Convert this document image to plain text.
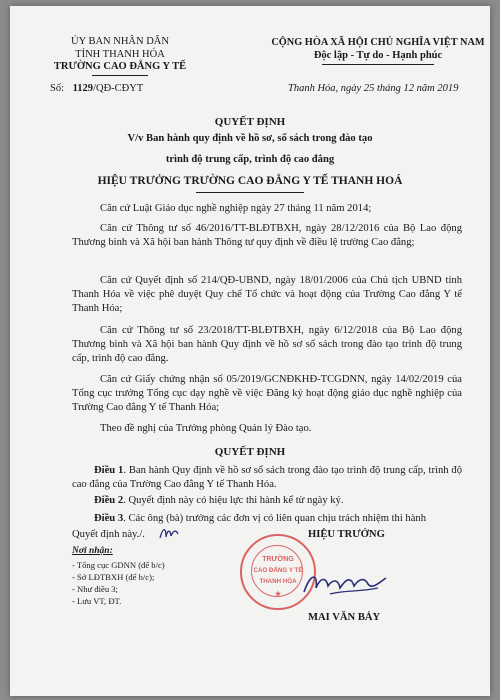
ỦY BAN NHÂN DÂN
TỈNH THANH HÓA
TRƯỜNG CAO ĐẲNG Y TẾ
CỘNG HÒA XÃ HỘI CHỦ NGHĨA VIỆT NAM
Độc lập - Tự do - Hạnh phúc
Số: 1129/QĐ-CĐYT	Thanh Hóa, ngày 25 tháng 12 năm 2019
QUYẾT ĐỊNH
V/v Ban hành quy định về hồ sơ, sổ sách trong đào tạo
trình độ trung cấp, trình độ cao đẳng
HIỆU TRƯỞNG TRƯỜNG CAO ĐẲNG Y TẾ THANH HOÁ
Căn cứ Luật Giáo dục nghề nghiệp ngày 27 tháng 11 năm 2014;
Căn cứ Thông tư số 46/2016/TT-BLĐTBXH, ngày 28/12/2016 của Bộ Lao động Thương binh và Xã hội ban hành Thông tư quy định về điều lệ trường Cao đẳng;
Căn cứ Quyết định số 214/QĐ-UBND, ngày 18/01/2006 của Chủ tịch UBND tỉnh Thanh Hóa về việc phê duyệt Quy chế Tổ chức và hoạt động của Trường Cao đẳng Y tế Thanh Hóa;
Căn cứ Thông tư số 23/2018/TT-BLĐTBXH, ngày 6/12/2018 của Bộ Lao động Thương binh và Xã hội ban hành Quy định về hồ sơ sổ sách trong đào tạo trình độ trung cấp, trình độ cao đẳng.
Căn cứ Giấy chứng nhận số 05/2019/GCNĐKHĐ-TCGDNN, ngày 14/02/2019 của Tổng cục trưởng Tổng cục dạy nghề về việc Đăng ký hoạt động giáo dục nghề nghiệp của Trường Cao đẳng Y tế Thanh Hóa;
Theo đề nghị của Trưởng phòng Quản lý Đào tạo.
QUYẾT ĐỊNH
Điều 1. Ban hành Quy định về hồ sơ sổ sách trong đào tạo trình độ trung cấp, trình độ cao đẳng của Trường Cao đẳng Y tế Thanh Hóa.
Điều 2. Quyết định này có hiệu lực thi hành kể từ ngày ký.
Điều 3. Các ông (bà) trưởng các đơn vị có liên quan chịu trách nhiệm thi hành
Quyết định này./.
Nơi nhận:
- Tổng cục GDNN (để b/c)
- Sở LĐTBXH (để b/c);
- Như điều 3;
- Lưu VT, ĐT.
HIỆU TRƯỞNG
TRƯỜNG
CAO ĐẲNG Y TẾ
THANH HÓA
★
MAI VĂN BẢY
